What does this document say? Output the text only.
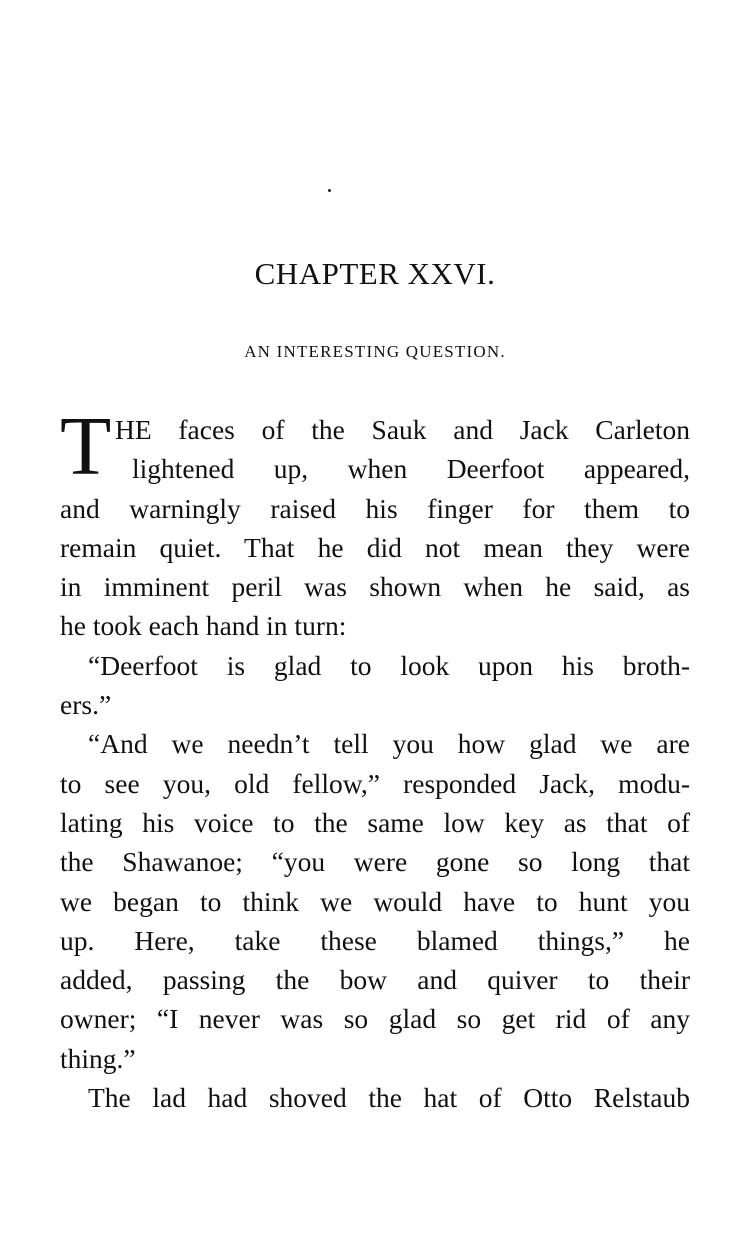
CHAPTER XXVI.
AN INTERESTING QUESTION.
T HE faces of the Sauk and Jack Carleton
lightened up, when Deerfoot appeared,
and warningly raised his finger for them to
remain quiet. That he did not mean they were
in imminent peril was shown when he said, as
he took each hand in turn:
“Deerfoot is glad to look upon his broth-
ers.”
“And we needn’t tell you how glad we are
to see you, old fellow,” responded Jack, modu-
lating his voice to the same low key as that of
the Shawanoe; “you were gone so long that
we began to think we would have to hunt you
up. Here, take these blamed things,” he
added, passing the bow and quiver to their
owner; “I never was so glad so get rid of any
thing.”
The lad had shoved the hat of Otto Relstaub
